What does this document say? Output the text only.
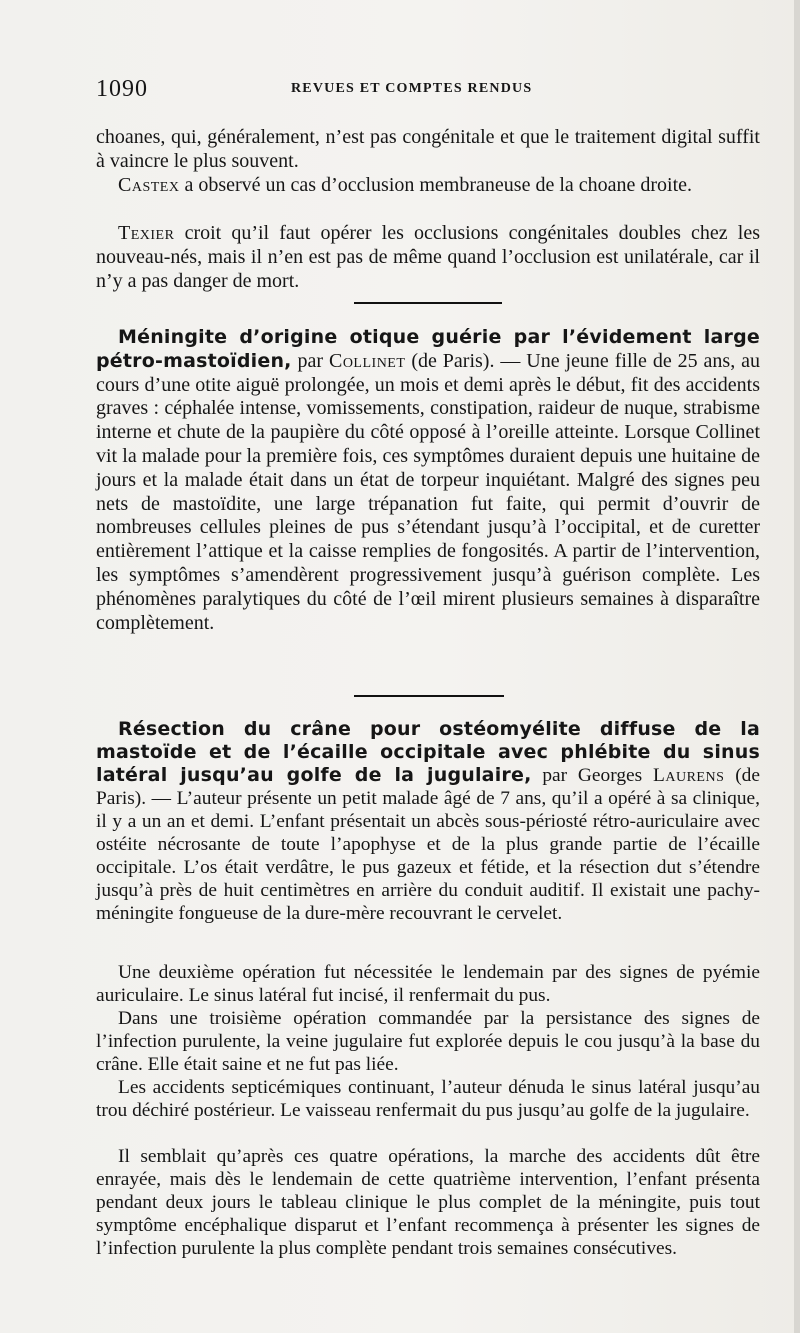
1090	REVUES ET COMPTES RENDUS

choanes, qui, généralement, n’est pas congénitale et que le traitement digital suffit à vaincre le plus souvent.

Castex a observé un cas d’occlusion membraneuse de la choane droite.

Texier croit qu’il faut opérer les occlusions congénitales doubles chez les nouveau-nés, mais il n’en est pas de même quand l’occlusion est unilatérale, car il n’y a pas danger de mort.

Méningite d’origine otique guérie par l’évidement large pétro-mastoïdien, par Collinet (de Paris). — Une jeune fille de 25 ans, au cours d’une otite aiguë prolongée, un mois et demi après le début, fit des accidents graves : céphalée intense, vomissements, constipation, raideur de nuque, strabisme interne et chute de la paupière du côté opposé à l’oreille atteinte. Lorsque Collinet vit la malade pour la première fois, ces symptômes duraient depuis une huitaine de jours et la malade était dans un état de torpeur inquiétant. Malgré des signes peu nets de mastoïdite, une large trépanation fut faite, qui permit d’ouvrir de nombreuses cellules pleines de pus s’étendant jusqu’à l’occipital, et de curetter entièrement l’attique et la caisse remplies de fongosités. A partir de l’intervention, les symptômes s’amendèrent progressivement jusqu’à guérison complète. Les phénomènes paralytiques du côté de l’œil mirent plusieurs semaines à disparaître complètement.

Résection du crâne pour ostéomyélite diffuse de la mastoïde et de l’écaille occipitale avec phlébite du sinus latéral jusqu’au golfe de la jugulaire, par Georges Laurens (de Paris). — L’auteur présente un petit malade âgé de 7 ans, qu’il a opéré à sa clinique, il y a un an et demi. L’enfant présentait un abcès sous-périosté rétro-auriculaire avec ostéite nécrosante de toute l’apophyse et de la plus grande partie de l’écaille occipitale. L’os était verdâtre, le pus gazeux et fétide, et la résection dut s’étendre jusqu’à près de huit centimètres en arrière du conduit auditif. Il existait une pachy-méningite fongueuse de la dure-mère recouvrant le cervelet.

Une deuxième opération fut nécessitée le lendemain par des signes de pyémie auriculaire. Le sinus latéral fut incisé, il renfermait du pus.

Dans une troisième opération commandée par la persistance des signes de l’infection purulente, la veine jugulaire fut explorée depuis le cou jusqu’à la base du crâne. Elle était saine et ne fut pas liée.

Les accidents septicémiques continuant, l’auteur dénuda le sinus latéral jusqu’au trou déchiré postérieur. Le vaisseau renfermait du pus jusqu’au golfe de la jugulaire.

Il semblait qu’après ces quatre opérations, la marche des accidents dût être enrayée, mais dès le lendemain de cette quatrième intervention, l’enfant présenta pendant deux jours le tableau clinique le plus complet de la méningite, puis tout symptôme encéphalique disparut et l’enfant recommença à présenter les signes de l’infection purulente la plus complète pendant trois semaines consécutives.
